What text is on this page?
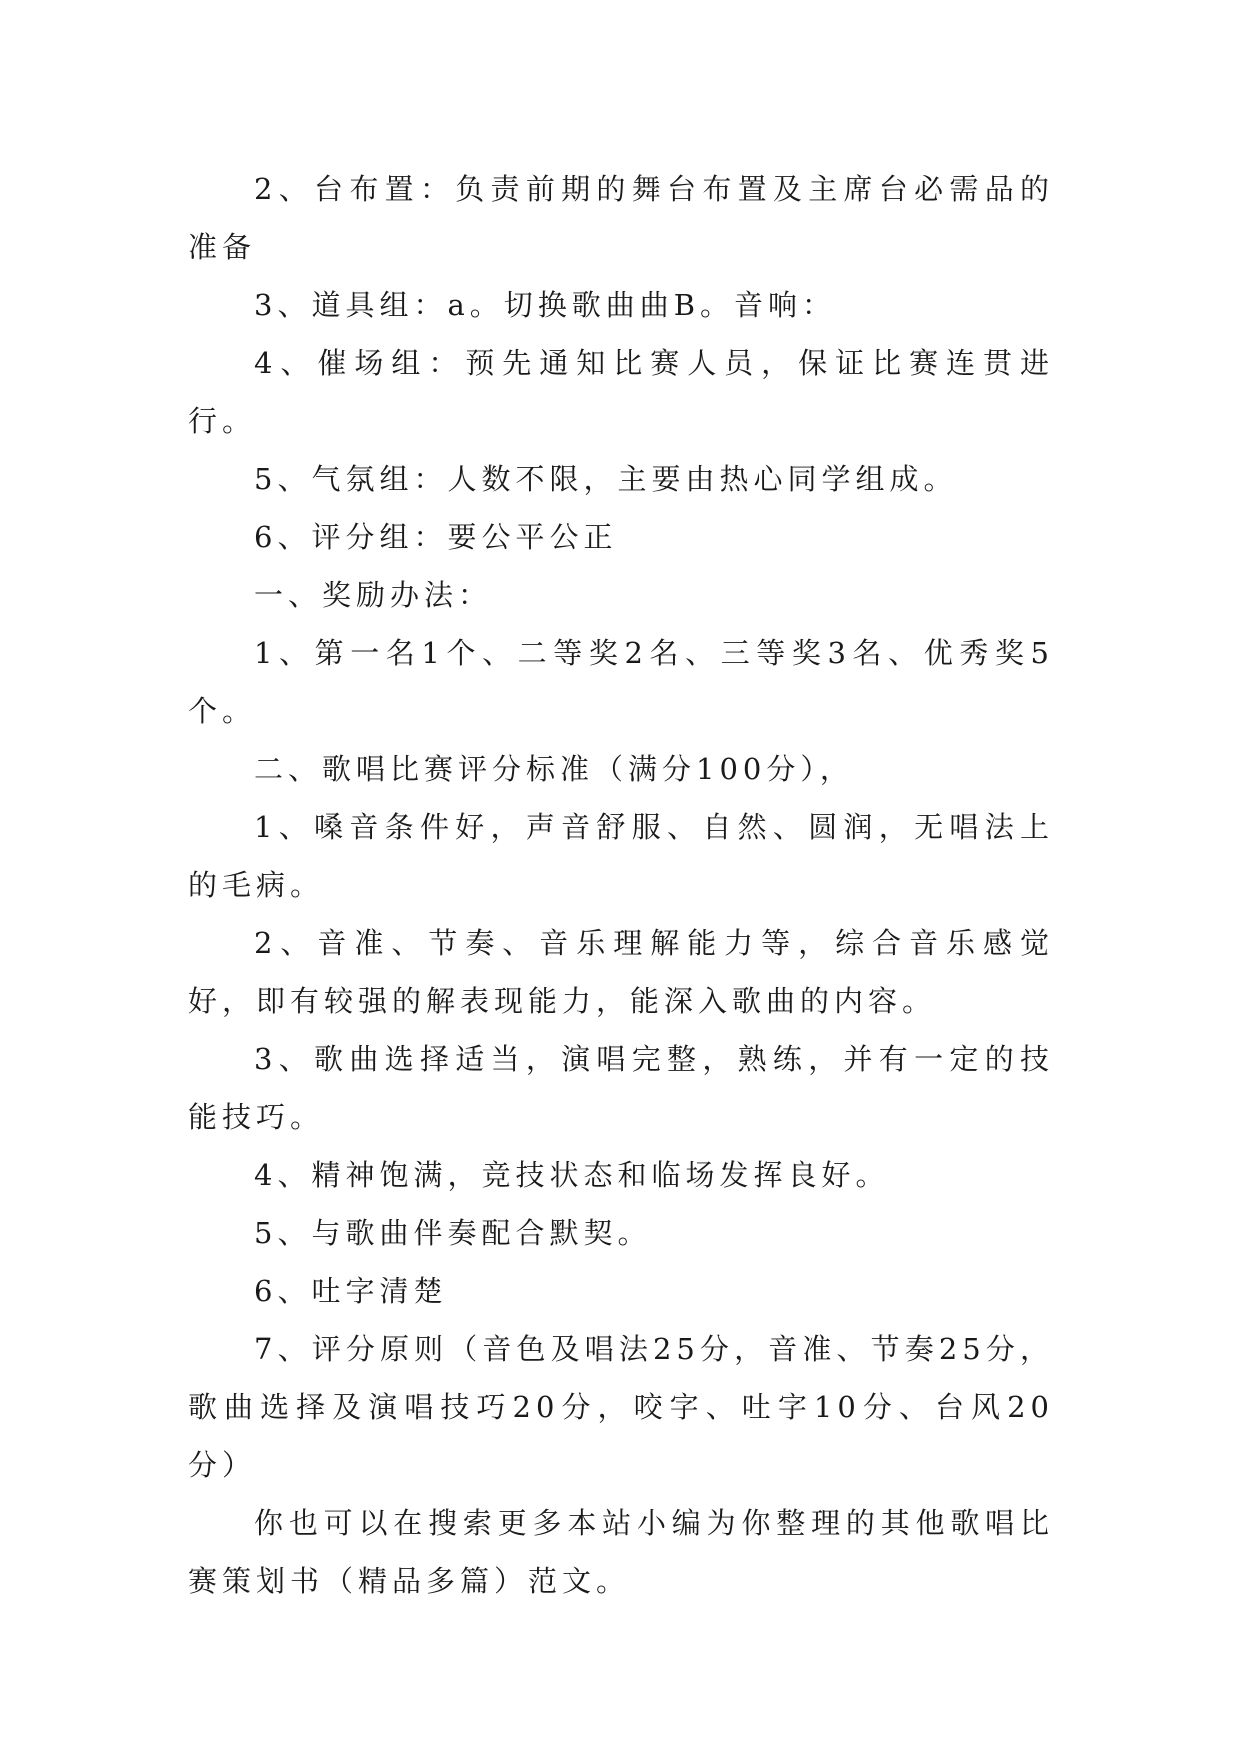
2、台布置：负责前期的舞台布置及主席台必需品的准备

3、道具组：a。切换歌曲曲B。音响：

4、催场组：预先通知比赛人员，保证比赛连贯进行。

5、气氛组：人数不限，主要由热心同学组成。

6、评分组：要公平公正

一、奖励办法：

1、第一名1个、二等奖2名、三等奖3名、优秀奖5个。

二、歌唱比赛评分标准（满分100分），

1、嗓音条件好，声音舒服、自然、圆润，无唱法上的毛病。

2、音准、节奏、音乐理解能力等，综合音乐感觉好，即有较强的解表现能力，能深入歌曲的内容。

3、歌曲选择适当，演唱完整，熟练，并有一定的技能技巧。

4、精神饱满，竞技状态和临场发挥良好。

5、与歌曲伴奏配合默契。

6、吐字清楚

7、评分原则（音色及唱法25分，音准、节奏25分，歌曲选择及演唱技巧20分，咬字、吐字10分、台风20分）

你也可以在搜索更多本站小编为你整理的其他歌唱比赛策划书（精品多篇）范文。
